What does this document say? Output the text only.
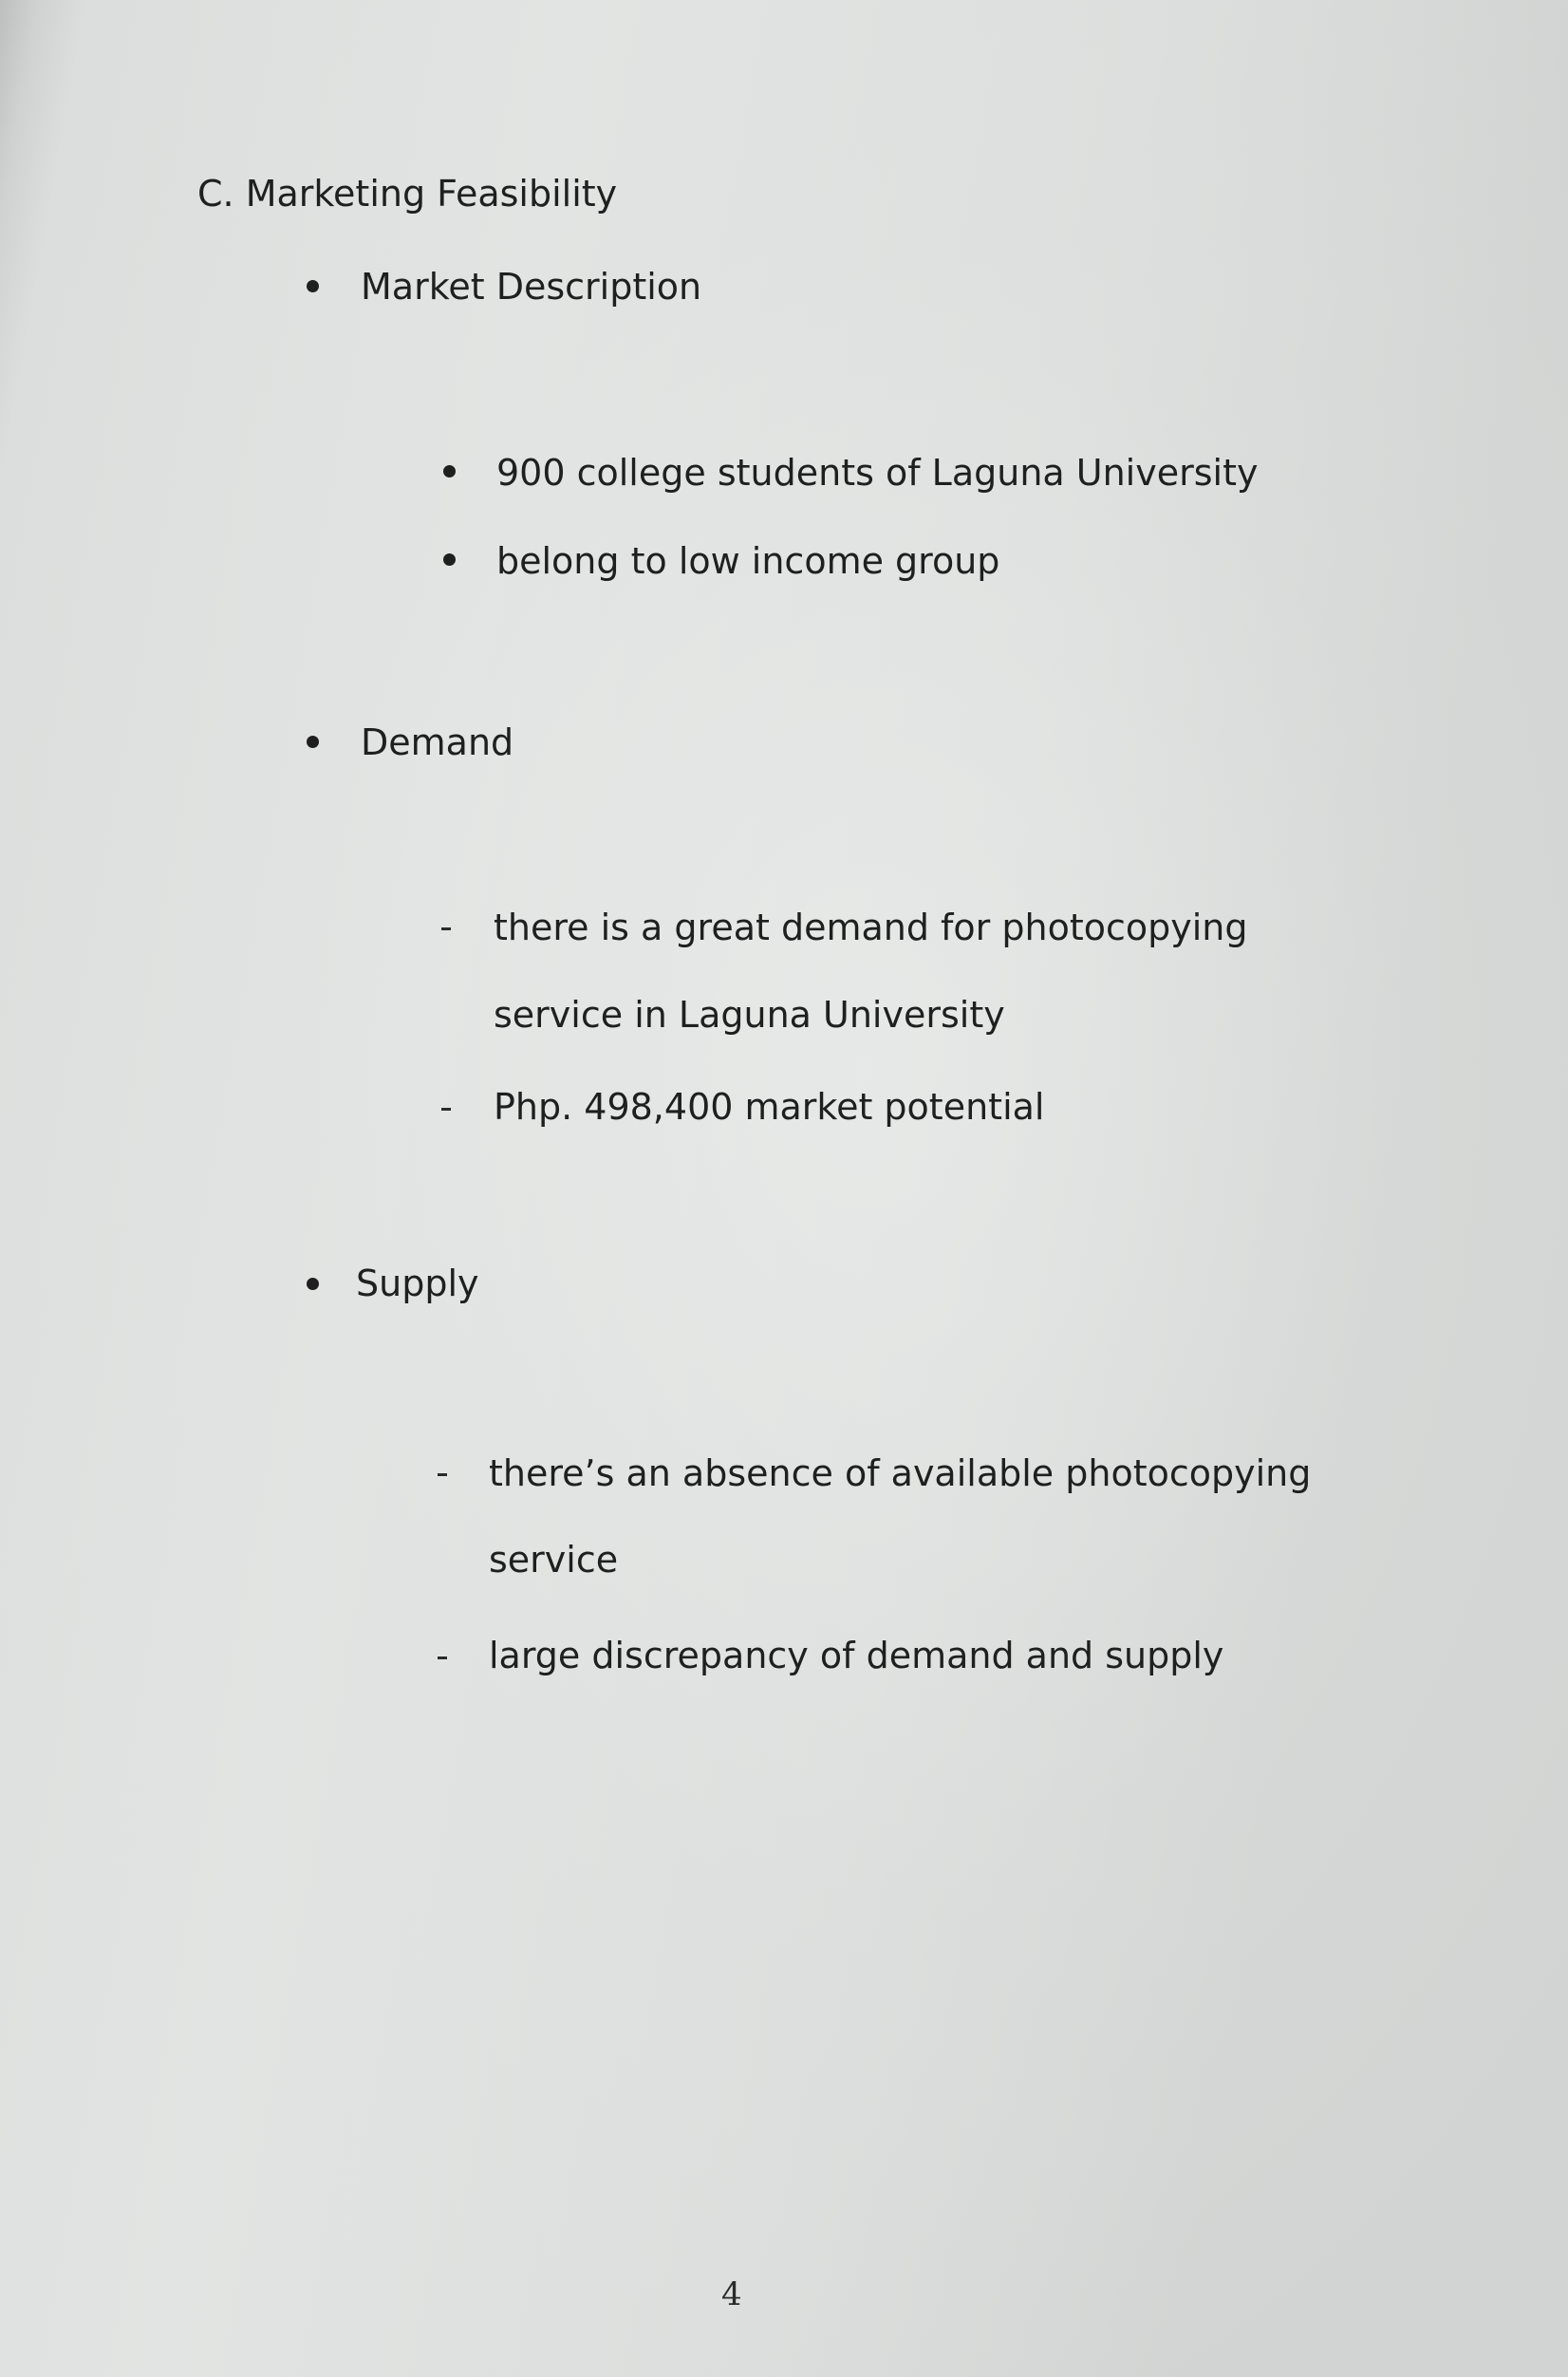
C. Marketing Feasibility
Market Description
900 college students of Laguna University
belong to low income group
Demand
there is a great demand for photocopying
service in Laguna University
Php. 498,400 market potential
Supply
there’s an absence of available photocopying
service
large discrepancy of demand and supply
4
